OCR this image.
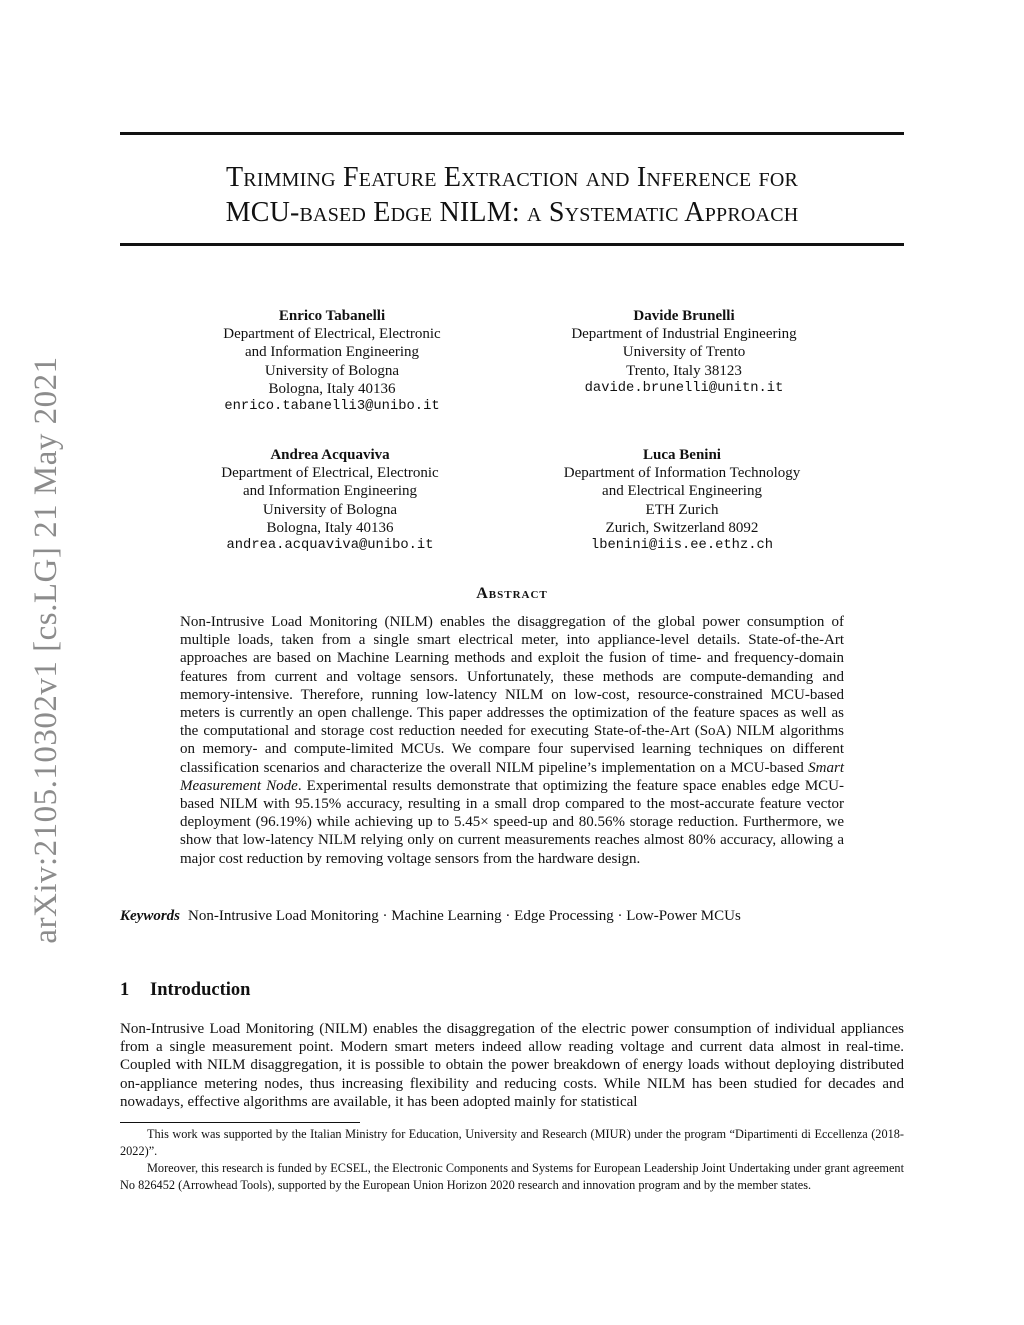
arXiv:2105.10302v1 [cs.LG] 21 May 2021
Trimming Feature Extraction and Inference for
MCU-based Edge NILM: a Systematic Approach
Enrico Tabanelli
Department of Electrical, Electronic
and Information Engineering
University of Bologna
Bologna, Italy 40136
enrico.tabanelli3@unibo.it
Davide Brunelli
Department of Industrial Engineering
University of Trento
Trento, Italy 38123
davide.brunelli@unitn.it
Andrea Acquaviva
Department of Electrical, Electronic
and Information Engineering
University of Bologna
Bologna, Italy 40136
andrea.acquaviva@unibo.it
Luca Benini
Department of Information Technology
and Electrical Engineering
ETH Zurich
Zurich, Switzerland 8092
lbenini@iis.ee.ethz.ch
Abstract
Non-Intrusive Load Monitoring (NILM) enables the disaggregation of the global power consumption of multiple loads, taken from a single smart electrical meter, into appliance-level details. State-of-the-Art approaches are based on Machine Learning methods and exploit the fusion of time- and frequency-domain features from current and voltage sensors. Unfortunately, these methods are compute-demanding and memory-intensive. Therefore, running low-latency NILM on low-cost, resource-constrained MCU-based meters is currently an open challenge. This paper addresses the optimization of the feature spaces as well as the computational and storage cost reduction needed for executing State-of-the-Art (SoA) NILM algorithms on memory- and compute-limited MCUs. We compare four supervised learning techniques on different classification scenarios and characterize the overall NILM pipeline’s implementation on a MCU-based Smart Measurement Node. Experimental results demonstrate that optimizing the feature space enables edge MCU-based NILM with 95.15% accuracy, resulting in a small drop compared to the most-accurate feature vector deployment (96.19%) while achieving up to 5.45× speed-up and 80.56% storage reduction. Furthermore, we show that low-latency NILM relying only on current measurements reaches almost 80% accuracy, allowing a major cost reduction by removing voltage sensors from the hardware design.
Keywords Non-Intrusive Load Monitoring · Machine Learning · Edge Processing · Low-Power MCUs
1 Introduction
Non-Intrusive Load Monitoring (NILM) enables the disaggregation of the electric power consumption of individual appliances from a single measurement point. Modern smart meters indeed allow reading voltage and current data almost in real-time. Coupled with NILM disaggregation, it is possible to obtain the power breakdown of energy loads without deploying distributed on-appliance metering nodes, thus increasing flexibility and reducing costs. While NILM has been studied for decades and nowadays, effective algorithms are available, it has been adopted mainly for statistical

This work was supported by the Italian Ministry for Education, University and Research (MIUR) under the program “Dipartimenti di Eccellenza (2018-2022)”.

Moreover, this research is funded by ECSEL, the Electronic Components and Systems for European Leadership Joint Undertaking under grant agreement No 826452 (Arrowhead Tools), supported by the European Union Horizon 2020 research and innovation program and by the member states.
